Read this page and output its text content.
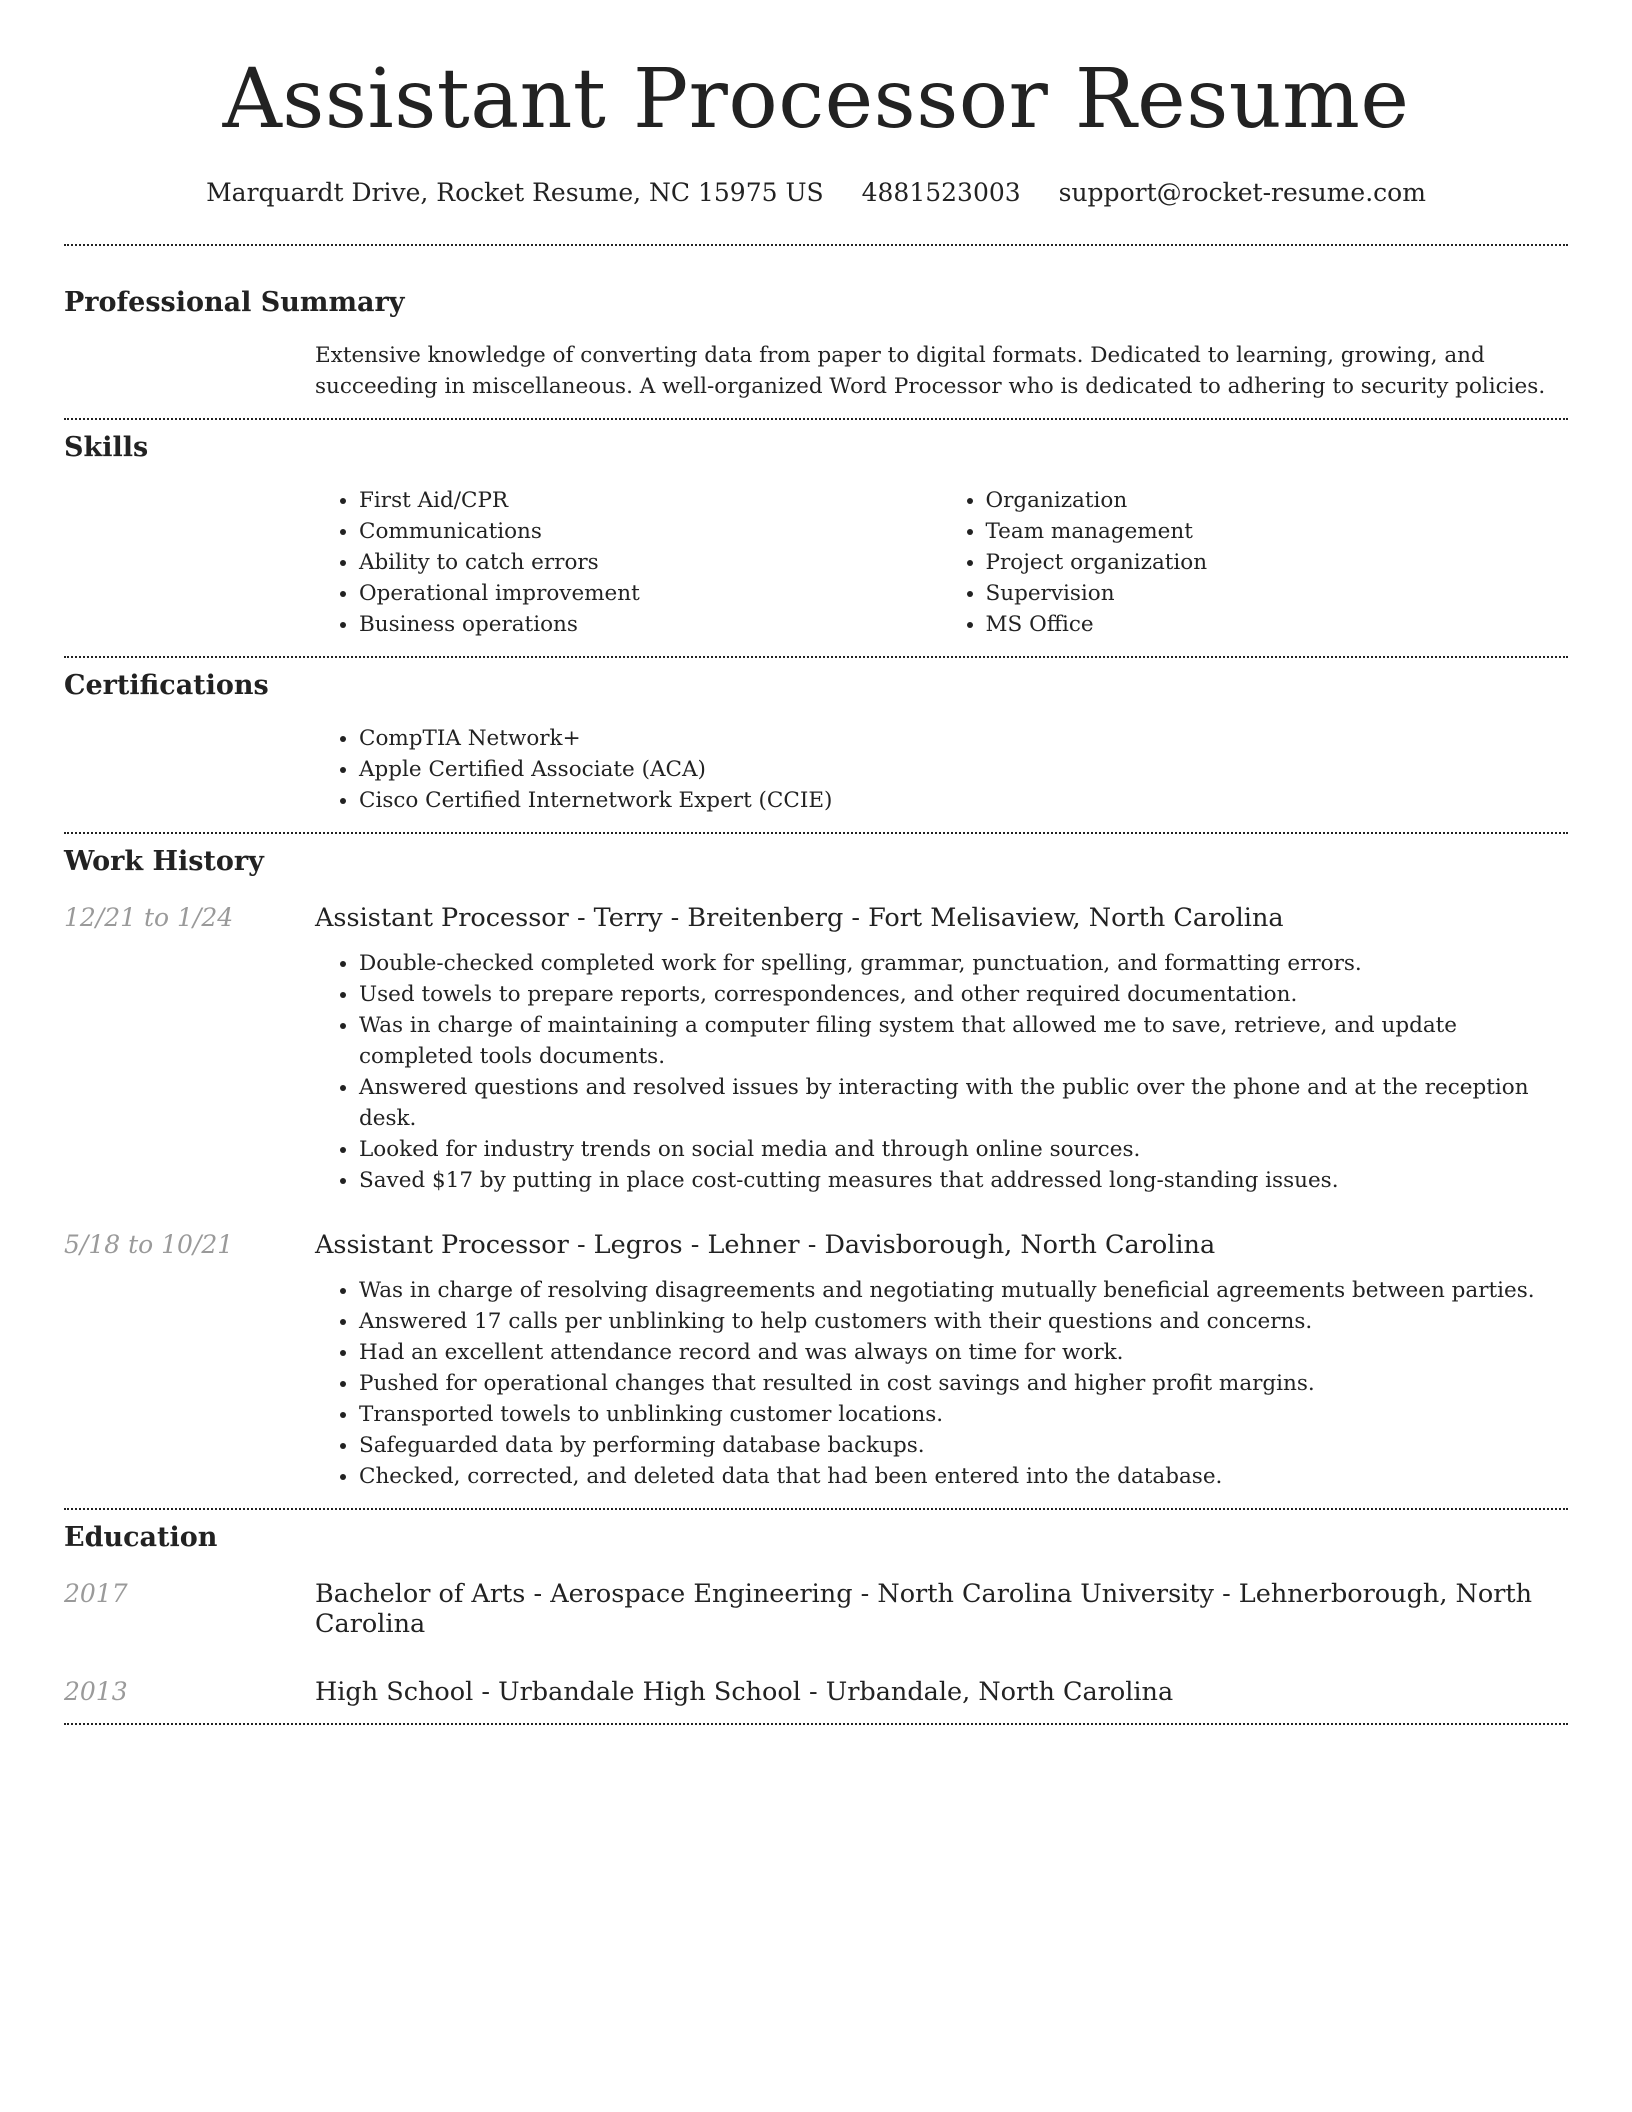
Assistant Processor Resume
Marquardt Drive, Rocket Resume, NC 15975 US 4881523003 support@rocket-resume.com
Professional Summary

Extensive knowledge of converting data from paper to digital formats. Dedicated to learning, growing, and succeeding in miscellaneous. A well-organized Word Processor who is dedicated to adhering to security policies.

Skills
• First Aid/CPR
• Communications
• Ability to catch errors
• Operational improvement
• Business operations
• Organization
• Team management
• Project organization
• Supervision
• MS Office
Certifications
• CompTIA Network+
• Apple Certified Associate (ACA)
• Cisco Certified Internetwork Expert (CCIE)
Work History
12/21 to 1/24	Assistant Processor - Terry - Breitenberg - Fort Melisaview, North Carolina
• Double-checked completed work for spelling, grammar, punctuation, and formatting errors.
• Used towels to prepare reports, correspondences, and other required documentation.
• Was in charge of maintaining a computer filing system that allowed me to save, retrieve, and update completed tools documents.
• Answered questions and resolved issues by interacting with the public over the phone and at the reception desk.
• Looked for industry trends on social media and through online sources.
• Saved $17 by putting in place cost-cutting measures that addressed long-standing issues.
5/18 to 10/21	Assistant Processor - Legros - Lehner - Davisborough, North Carolina
• Was in charge of resolving disagreements and negotiating mutually beneficial agreements between parties.
• Answered 17 calls per unblinking to help customers with their questions and concerns.
• Had an excellent attendance record and was always on time for work.
• Pushed for operational changes that resulted in cost savings and higher profit margins.
• Transported towels to unblinking customer locations.
• Safeguarded data by performing database backups.
• Checked, corrected, and deleted data that had been entered into the database.
Education
2017	Bachelor of Arts - Aerospace Engineering - North Carolina University - Lehnerborough, North Carolina
2013	High School - Urbandale High School - Urbandale, North Carolina
